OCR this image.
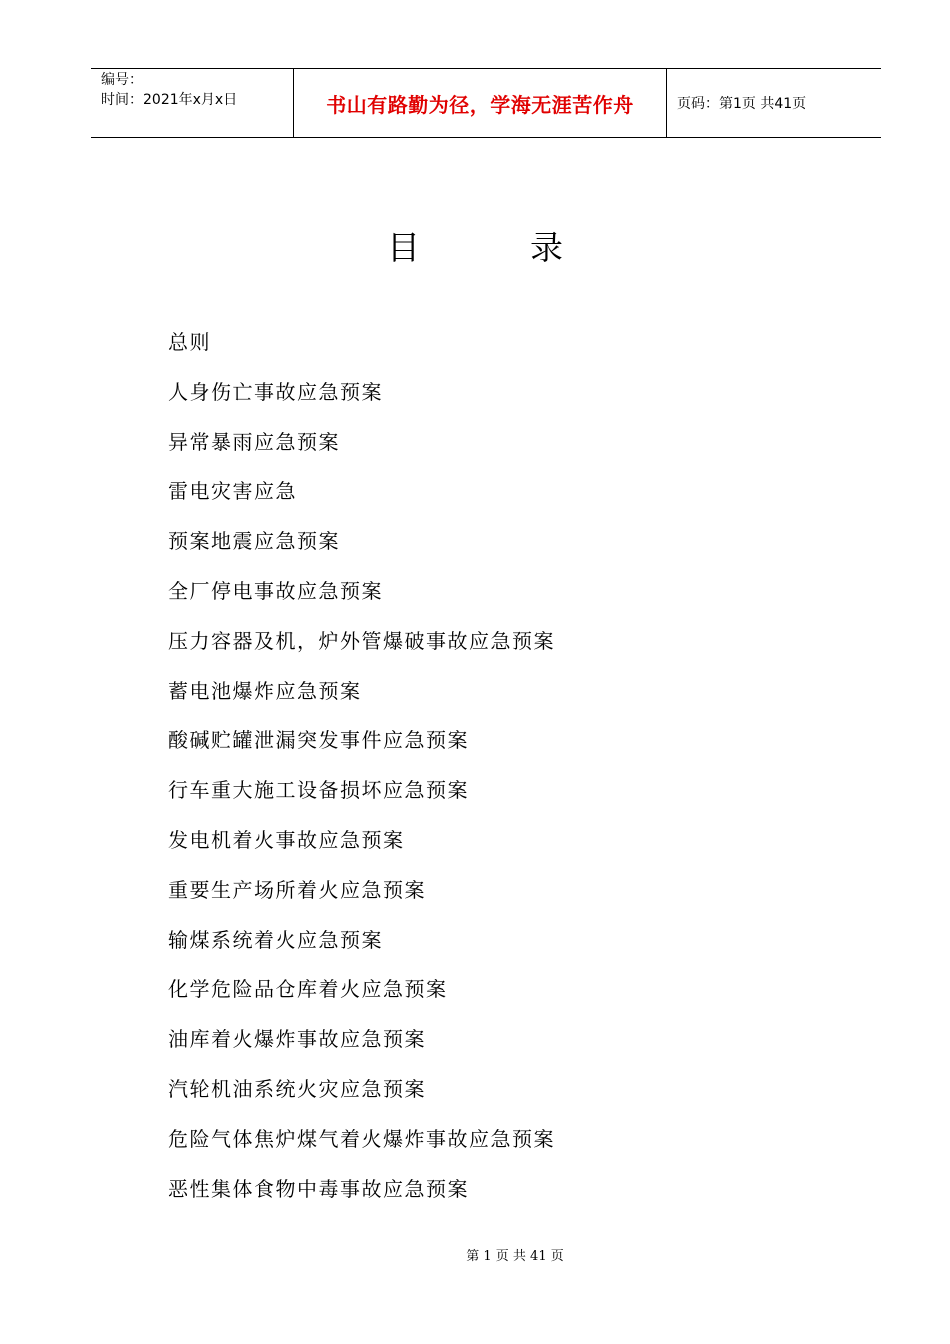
编号：
时间：2021年x月x日	书山有路勤为径，学海无涯苦作舟	页码：第1页 共41页
目	录
总则
人身伤亡事故应急预案
异常暴雨应急预案
雷电灾害应急
预案地震应急预案
全厂停电事故应急预案
压力容器及机，炉外管爆破事故应急预案
蓄电池爆炸应急预案
酸碱贮罐泄漏突发事件应急预案
行车重大施工设备损坏应急预案
发电机着火事故应急预案
重要生产场所着火应急预案
输煤系统着火应急预案
化学危险品仓库着火应急预案
油库着火爆炸事故应急预案
汽轮机油系统火灾应急预案
危险气体焦炉煤气着火爆炸事故应急预案
恶性集体食物中毒事故应急预案
第 1 页 共 41 页
